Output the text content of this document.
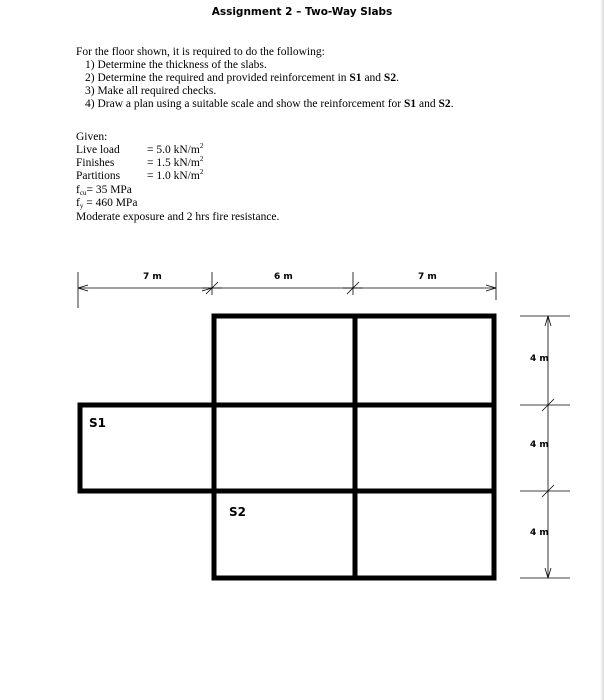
Assignment 2 – Two-Way Slabs
For the floor shown, it is required to do the following:
1) Determine the thickness of the slabs.
2) Determine the required and provided reinforcement in S1 and S2.
3) Make all required checks.
4) Draw a plan using a suitable scale and show the reinforcement for S1 and S2.
Given:
Live load = 5.0 $kN/m^2$
Finishes	= 1.5 $kN/m^2$
Partitions = 1.0 $kN/m^2$
$f_{cu}= 35$ MPa
$f_y = 460$ MPa
Moderate exposure and 2 hrs fire resistance.
7 m	6 m	7 m
4 m
4 m
4 m
S1
S2
